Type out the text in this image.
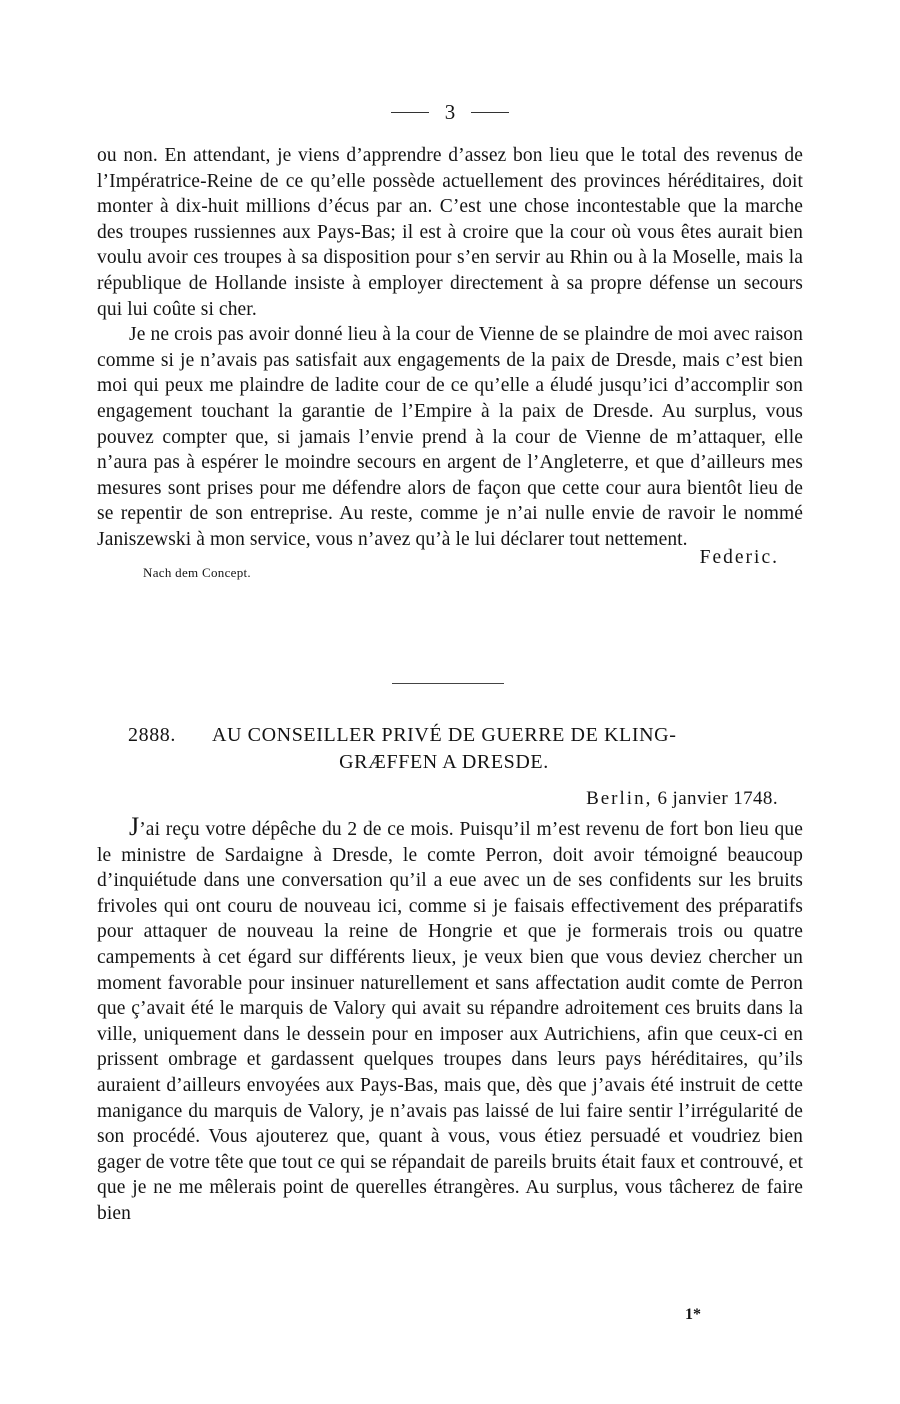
3

ou non. En attendant, je viens d’apprendre d’assez bon lieu que le total des revenus de l’Impératrice-Reine de ce qu’elle possède actuellement des provinces héréditaires, doit monter à dix-huit millions d’écus par an. C’est une chose incontestable que la marche des troupes russiennes aux Pays-Bas; il est à croire que la cour où vous êtes aurait bien voulu avoir ces troupes à sa disposition pour s’en servir au Rhin ou à la Moselle, mais la république de Hollande insiste à employer directement à sa propre défense un secours qui lui coûte si cher.

Je ne crois pas avoir donné lieu à la cour de Vienne de se plaindre de moi avec raison comme si je n’avais pas satisfait aux engagements de la paix de Dresde, mais c’est bien moi qui peux me plaindre de ladite cour de ce qu’elle a éludé jusqu’ici d’accomplir son engagement touchant la garantie de l’Empire à la paix de Dresde. Au surplus, vous pouvez compter que, si jamais l’envie prend à la cour de Vienne de m’attaquer, elle n’aura pas à espérer le moindre secours en argent de l’Angleterre, et que d’ailleurs mes mesures sont prises pour me défendre alors de façon que cette cour aura bientôt lieu de se repentir de son entreprise. Au reste, comme je n’ai nulle envie de ravoir le nommé Janiszewski à mon service, vous n’avez qu’à le lui déclarer tout nettement.

Nach dem Concept.
Federic.
2888. AU CONSEILLER PRIVÉ DE GUERRE DE KLING-
GRÆFFEN A DRESDE.
Berlin, 6 janvier 1748.

J’ai reçu votre dépêche du 2 de ce mois. Puisqu’il m’est revenu de fort bon lieu que le ministre de Sardaigne à Dresde, le comte Perron, doit avoir témoigné beaucoup d’inquiétude dans une conversation qu’il a eue avec un de ses confidents sur les bruits frivoles qui ont couru de nouveau ici, comme si je faisais effectivement des préparatifs pour attaquer de nouveau la reine de Hongrie et que je formerais trois ou quatre campements à cet égard sur différents lieux, je veux bien que vous deviez chercher un moment favorable pour insinuer naturellement et sans affectation audit comte de Perron que ç’avait été le marquis de Valory qui avait su répandre adroitement ces bruits dans la ville, uniquement dans le dessein pour en imposer aux Autrichiens, afin que ceux-ci en prissent ombrage et gardassent quelques troupes dans leurs pays héréditaires, qu’ils auraient d’ailleurs envoyées aux Pays-Bas, mais que, dès que j’avais été instruit de cette manigance du marquis de Valory, je n’avais pas laissé de lui faire sentir l’irrégularité de son procédé. Vous ajouterez que, quant à vous, vous étiez persuadé et voudriez bien gager de votre tête que tout ce qui se répandait de pareils bruits était faux et controuvé, et que je ne me mêlerais point de querelles étrangères. Au surplus, vous tâcherez de faire bien

1*
